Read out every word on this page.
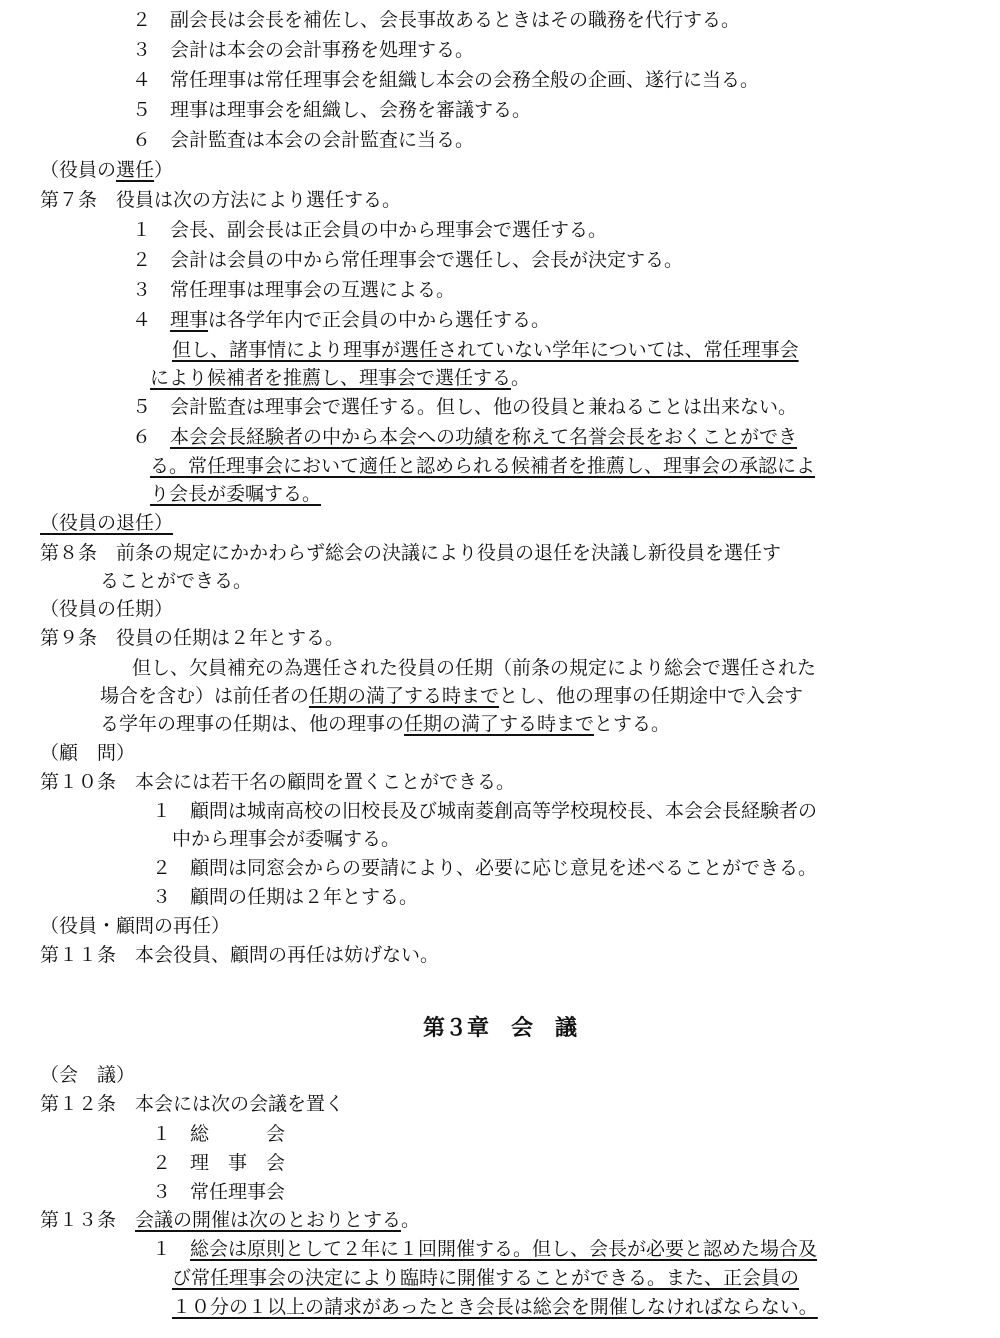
２　副会長は会長を補佐し、会長事故あるときはその職務を代行する。
３　会計は本会の会計事務を処理する。
４　常任理事は常任理事会を組織し本会の会務全般の企画、遂行に当る。
５　理事は理事会を組織し、会務を審議する。
６　会計監査は本会の会計監査に当る。
（役員の選任）
第７条　役員は次の方法により選任する。
１　会長、副会長は正会員の中から理事会で選任する。
２　会計は会員の中から常任理事会で選任し、会長が決定する。
３　常任理事は理事会の互選による。
４　理事は各学年内で正会員の中から選任する。
但し、諸事情により理事が選任されていない学年については、常任理事会
により候補者を推薦し、理事会で選任する。
５　会計監査は理事会で選任する。但し、他の役員と兼ねることは出来ない。
６　本会会長経験者の中から本会への功績を称えて名誉会長をおくことができ
る。常任理事会において適任と認められる候補者を推薦し、理事会の承認によ
り会長が委嘱する。
（役員の退任）
第８条　前条の規定にかかわらず総会の決議により役員の退任を決議し新役員を選任す
ることができる。
（役員の任期）
第９条　役員の任期は２年とする。
但し、欠員補充の為選任された役員の任期（前条の規定により総会で選任された
場合を含む）は前任者の任期の満了する時までとし、他の理事の任期途中で入会す
る学年の理事の任期は、他の理事の任期の満了する時までとする。
（顧　問）
第１０条　本会には若干名の顧問を置くことができる。
１　顧問は城南高校の旧校長及び城南菱創高等学校現校長、本会会長経験者の
中から理事会が委嘱する。
２　顧問は同窓会からの要請により、必要に応じ意見を述べることができる。
３　顧問の任期は２年とする。
（役員・顧問の再任）
第１１条　本会役員、顧問の再任は妨げない。
第３章　会　議
（会　議）
第１２条　本会には次の会議を置く
１　総　　　会
２　理　事　会
３　常任理事会
第１３条　会議の開催は次のとおりとする。
１　総会は原則として２年に１回開催する。但し、会長が必要と認めた場合及
び常任理事会の決定により臨時に開催することができる。また、正会員の
１０分の１以上の請求があったとき会長は総会を開催しなければならない。
